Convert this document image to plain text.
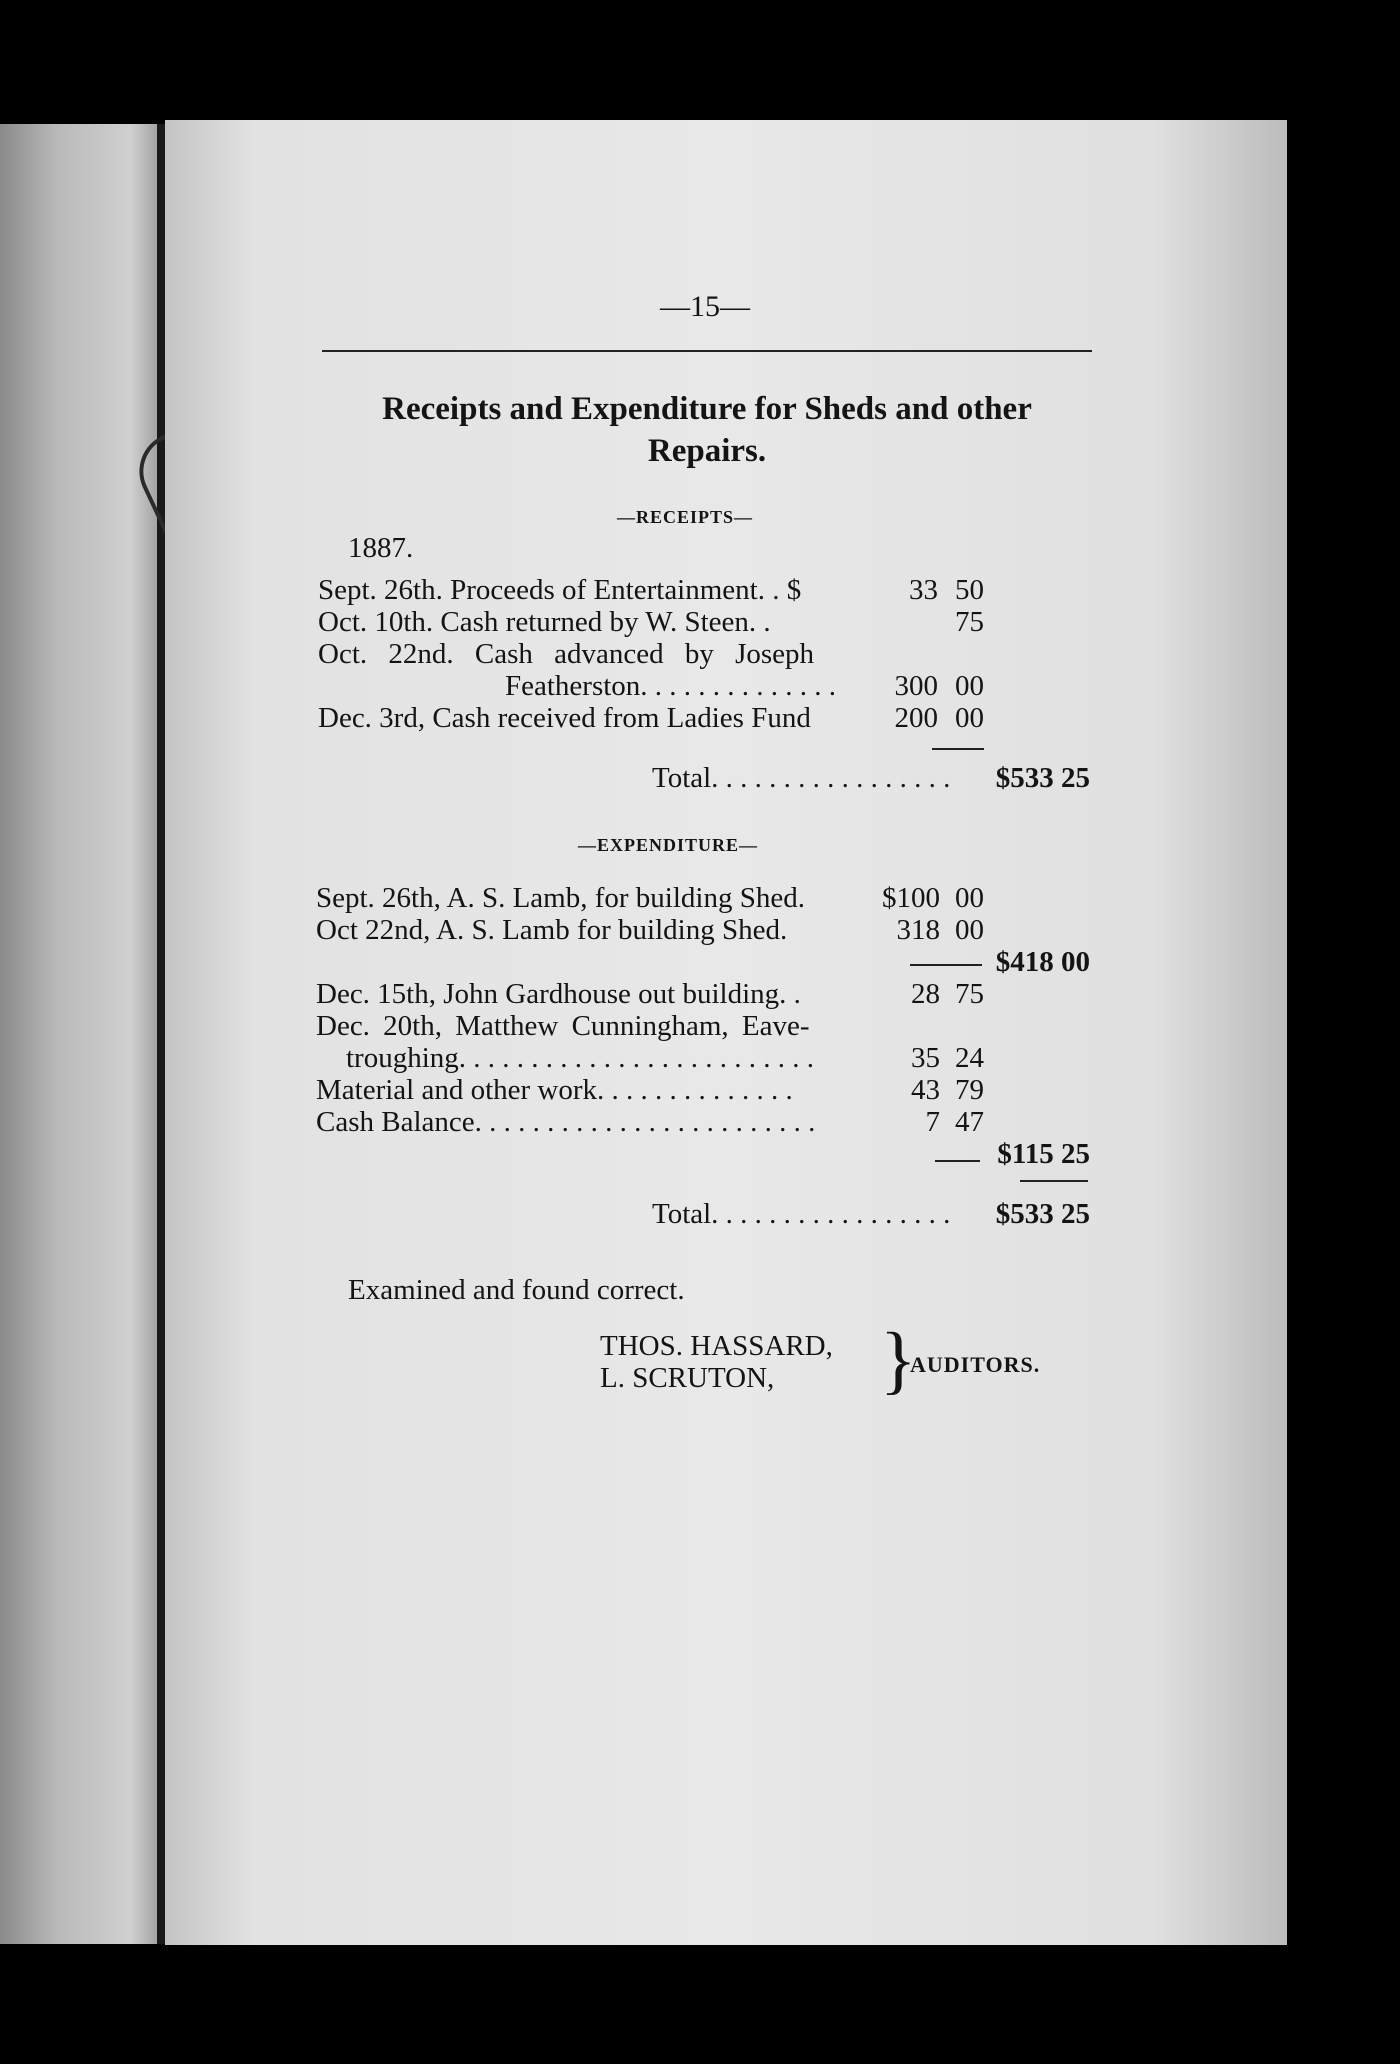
—15—
Receipts and Expenditure for Sheds and other Repairs.
—RECEIPTS—
1887.
Sept. 26th. Proceeds of Entertainment. . $	33 50
Oct. 10th. Cash returned by W. Steen. .	75
Oct. 22nd. Cash advanced by Joseph
Featherston. . . . . . . . . . . . . .	300 00
Dec. 3rd, Cash received from Ladies Fund	200 00
Total. . . . . . . . . . . . . . . . .	$533 25
—EXPENDITURE—
Sept. 26th, A. S. Lamb, for building Shed.	$100 00
Oct 22nd, A. S. Lamb for building Shed.	318 00
$418 00
Dec. 15th, John Gardhouse out building. .	28 75
Dec. 20th, Matthew Cunningham, Eave-
troughing. . . . . . . . . . . . . . . . . . . . . . . . .	35 24
Material and other work. . . . . . . . . . . . . .	43 79
Cash Balance. . . . . . . . . . . . . . . . . . . . . . . .	7 47
$115 25
Total. . . . . . . . . . . . . . . . .	$533 25
Examined and found correct.
THOS. HASSARD,
L. SCRUTON, }
AUDITORS.
